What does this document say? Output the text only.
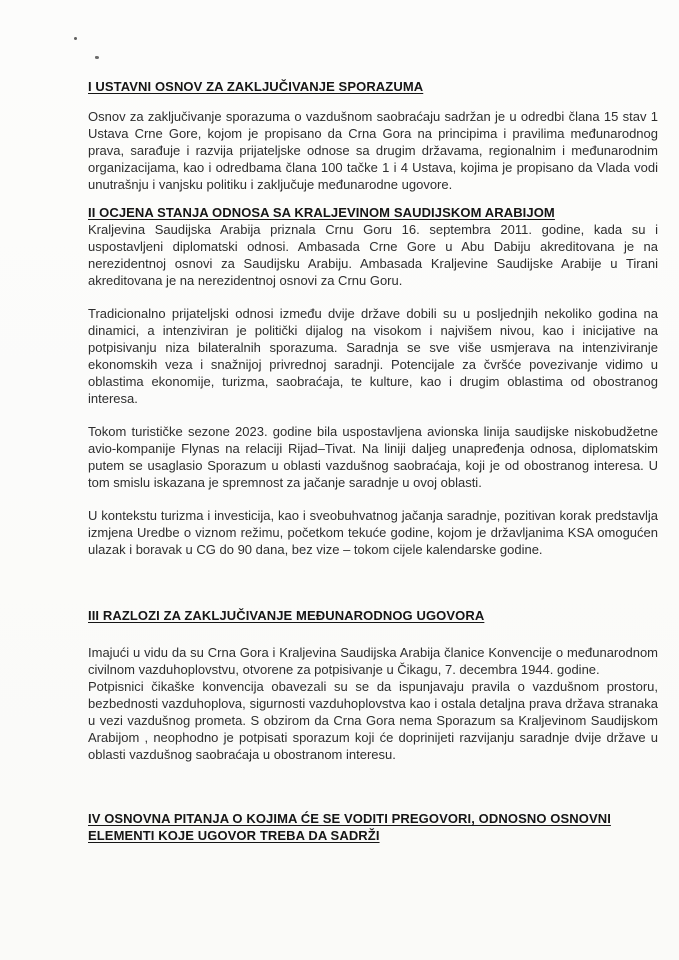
I USTAVNI OSNOV ZA ZAKLJUČIVANJE SPORAZUMA

Osnov za zaključivanje sporazuma o vazdušnom saobraćaju sadržan je u odredbi člana 15 stav 1 Ustava Crne Gore, kojom je propisano da Crna Gora na principima i pravilima međunarodnog prava, sarađuje i razvija prijateljske odnose sa drugim državama, regionalnim i međunarodnim organizacijama, kao i odredbama člana 100 tačke 1 i 4 Ustava, kojima je propisano da Vlada vodi unutrašnju i vanjsku politiku i zaključuje međunarodne ugovore.

II OCJENA STANJA ODNOSA SA KRALJEVINOM SAUDIJSKOM ARABIJOM

Kraljevina Saudijska Arabija priznala Crnu Goru 16. septembra 2011. godine, kada su i uspostavljeni diplomatski odnosi. Ambasada Crne Gore u Abu Dabiju akreditovana je na nerezidentnoj osnovi za Saudijsku Arabiju. Ambasada Kraljevine Saudijske Arabije u Tirani akreditovana je na nerezidentnoj osnovi za Crnu Goru.

Tradicionalno prijateljski odnosi između dvije države dobili su u posljednjih nekoliko godina na dinamici, a intenziviran je politički dijalog na visokom i najvišem nivou, kao i inicijative na potpisivanju niza bilateralnih sporazuma. Saradnja se sve više usmjerava na intenziviranje ekonomskih veza i snažnijoj privrednoj saradnji. Potencijale za čvršće povezivanje vidimo u oblastima ekonomije, turizma, saobraćaja, te kulture, kao i drugim oblastima od obostranog interesa.

Tokom turističke sezone 2023. godine bila uspostavljena avionska linija saudijske niskobudžetne avio-kompanije Flynas na relaciji Rijad–Tivat. Na liniji daljeg unapređenja odnosa, diplomatskim putem se usaglasio Sporazum u oblasti vazdušnog saobraćaja, koji je od obostranog interesa. U tom smislu iskazana je spremnost za jačanje saradnje u ovoj oblasti.

U kontekstu turizma i investicija, kao i sveobuhvatnog jačanja saradnje, pozitivan korak predstavlja izmjena Uredbe o viznom režimu, početkom tekuće godine, kojom je državljanima KSA omogućen ulazak i boravak u CG do 90 dana, bez vize – tokom cijele kalendarske godine.

III RAZLOZI ZA ZAKLJUČIVANJE MEĐUNARODNOG UGOVORA

Imajući u vidu da su Crna Gora i Kraljevina Saudijska Arabija članice Konvencije o međunarodnom civilnom vazduhoplovstvu, otvorene za potpisivanje u Čikagu, 7. decembra 1944. godine.

Potpisnici čikaške konvencija obavezali su se da ispunjavaju pravila o vazdušnom prostoru, bezbednosti vazduhoplova, sigurnosti vazduhoplovstva kao i ostala detaljna prava država stranaka u vezi vazdušnog prometa. S obzirom da Crna Gora nema Sporazum sa Kraljevinom Saudijskom Arabijom , neophodno je potpisati sporazum koji će doprinijeti razvijanju saradnje dvije države u oblasti vazdušnog saobraćaja u obostranom interesu.

IV OSNOVNA PITANJA O KOJIMA ĆE SE VODITI PREGOVORI, ODNOSNO OSNOVNI ELEMENTI KOJE UGOVOR TREBA DA SADRŽI
